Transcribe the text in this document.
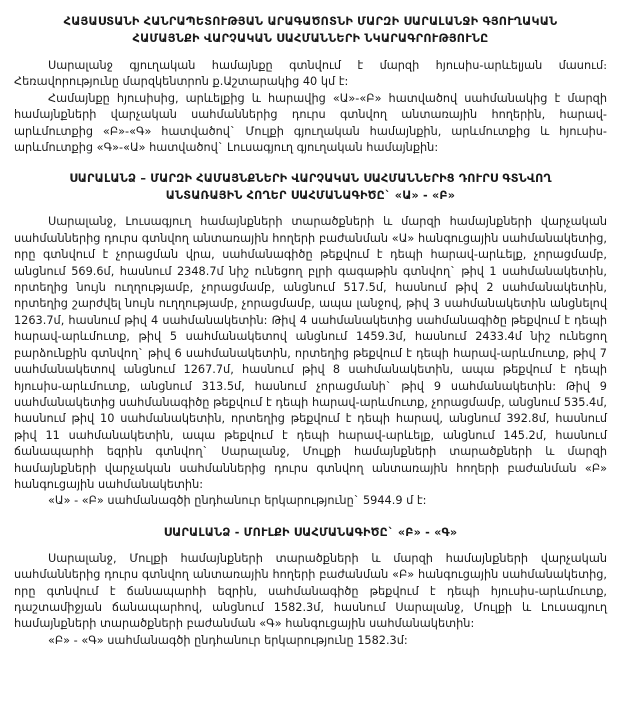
ՀԱՅԱՍՏԱՆԻ ՀԱՆՐԱՊԵՏՈՒԹՅԱՆ ԱՐԱԳԱԾՈՏՆԻ ՄԱՐԶԻ ՍԱՐԱԼԱՆՋԻ ԳՅՈՒՂԱԿԱՆ
ՀԱՄԱՅՆՔԻ ՎԱՐՉԱԿԱՆ ՍԱՀՄԱՆՆԵՐԻ ՆԿԱՐԱԳՐՈՒԹՅՈՒՆԸ

Սարալանջ գյուղական համայնքը գտնվում է մարզի հյուսիս-արևելյան մասում։ Հեռավորությունը մարզկենտրոն ք.Աշտարակից 40 կմ է:

Համայնքը հյուսիսից, արևելքից և հարավից «Ա»-«Բ» հատվածով սահմանակից է մարզի համայնքների վարչական սահմաններից դուրս գտնվող անտառային հողերին, հարավ-արևմուտքից «Բ»-«Գ» հատվածով` Մուլքի գյուղական համայնքին, արևմուտքից և հյուսիս-արևմուտքից «Գ»-«Ա» հատվածով` Լուսագյուղ գյուղական համայնքին:

ՍԱՐԱԼԱՆՁ – ՄԱՐԶԻ ՀԱՄԱՅՆՔՆԵՐԻ ՎԱՐՉԱԿԱՆ ՍԱՀՄԱՆՆԵՐԻՑ ԴՈՒՐՍ ԳՏՆՎՈՂ
ԱՆՏԱՌԱՅԻՆ ՀՈՂԵՐ ՍԱՀՄԱՆԱԳԻԾԸ` «Ա» - «Բ»

Սարալանջ, Լուսագյուղ համայնքների տարածքների և մարզի համայնքների վարչական սահմաններից դուրս գտնվող անտառային հողերի բաժանման «Ա» հանգուցային սահմանակետից, որը գտնվում է չորացման վրա, սահմանագիծը թեքվում է դեպի հարավ-արևելք, չորացմամբ, անցնում 569.6մ, հասնում 2348.7մ նիշ ունեցող բլրի գագաթին գտնվող` թիվ 1 սահմանակետին, որտեղից նույն ուղղությամբ, չորացմամբ, անցնում 517.5մ, հասնում թիվ 2 սահմանակետին, որտեղից շարժվել նույն ուղղությամբ, չորացմամբ, ապա լանջով, թիվ 3 սահմանակետին անցնելով 1263.7մ, հասնում թիվ 4 սահմանակետին: Թիվ 4 սահմանակետից սահմանագիծը թեքվում է դեպի հարավ-արևմուտք, թիվ 5 սահմանակետով անցնում 1459.3մ, հասնում 2433.4մ նիշ ունեցող բարձունքին գտնվող` թիվ 6 սահմանակետին, որտեղից թեքվում է դեպի հարավ-արևմուտք, թիվ 7 սահմանակետով անցնում 1267.7մ, հասնում թիվ 8 սահմանակետին, ապա թեքվում է դեպի հյուսիս-արևմուտք, անցնում 313.5մ, հասնում չորացմանի` թիվ 9 սահմանակետին: Թիվ 9 սահմանակետից սահմանագիծը թեքվում է դեպի հարավ-արևմուտք, չորացմամբ, անցնում 535.4մ, հասնում թիվ 10 սահմանակետին, որտեղից թեքվում է դեպի հարավ, անցնում 392.8մ, հասնում թիվ 11 սահմանակետին, ապա թեքվում է դեպի հարավ-արևելք, անցնում 145.2մ, հասնում ճանապարհի եզրին գտնվող` Սարալանջ, Մուլքի համայնքների տարածքների և մարզի համայնքների վարչական սահմաններից դուրս գտնվող անտառային հողերի բաժանման «Բ» հանգուցային սահմանակետին:

«Ա» - «Բ» սահմանագծի ընդհանուր երկարությունը` 5944.9 մ է:

ՍԱՐԱԼԱՆՁ - ՄՈՒԼՔԻ ՍԱՀՄԱՆԱԳԻԾԸ` «Բ» - «Գ»

Սարալանջ, Մուլքի համայնքների տարածքների և մարզի համայնքների վարչական սահմաններից դուրս գտնվող անտառային հողերի բաժանման «Բ» հանգուցային սահմանակետից, որը գտնվում է ճանապարհի եզրին, սահմանագիծը թեքվում է դեպի հյուսիս-արևմուտք, դաշտամիջյան ճանապարհով, անցնում 1582.3մ, հասնում Սարալանջ, Մուլքի և Լուսագյուղ համայնքների տարածքների բաժանման «Գ» հանգուցային սահմանակետին:

«Բ» - «Գ» սահմանագծի ընդհանուր երկարությունը 1582.3մ:
